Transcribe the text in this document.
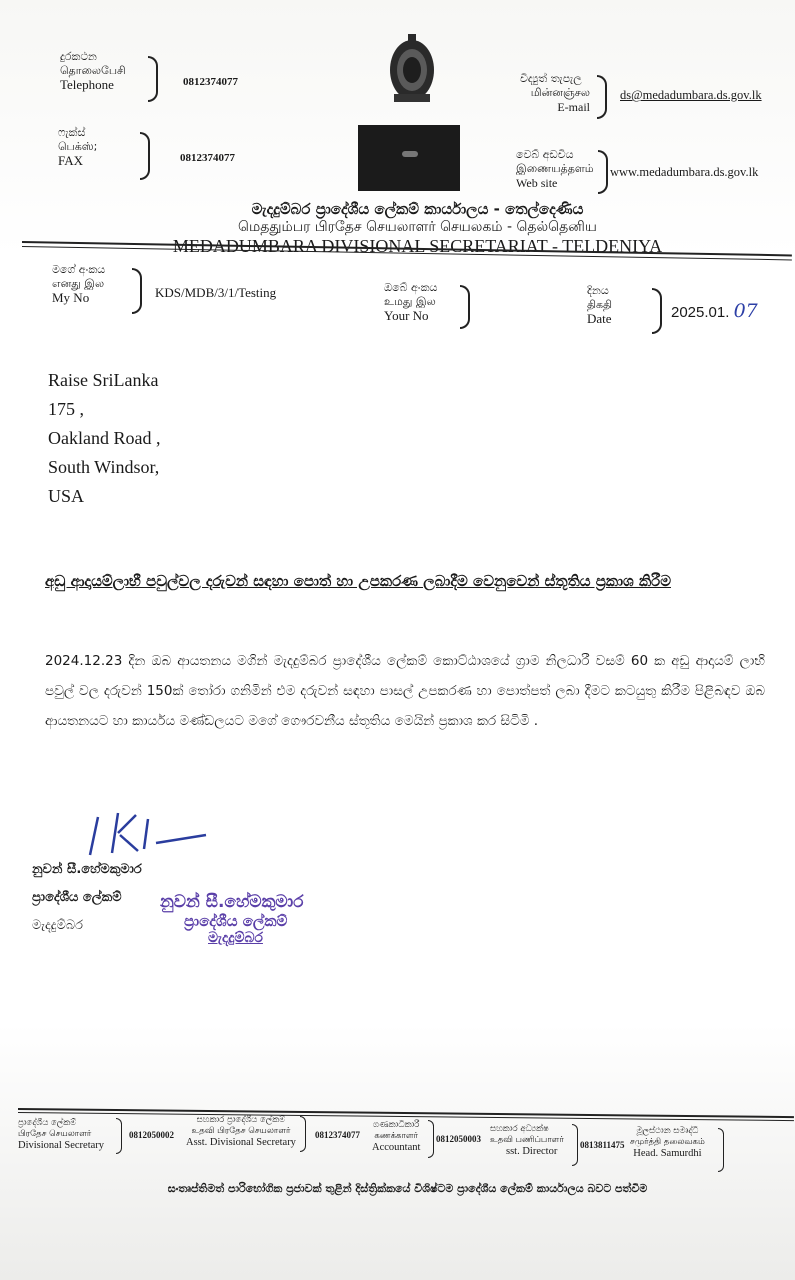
දුරකථන
தொலைபேசி
Telephone	0812374077
ෆැක්ස්
பெக்ஸ்;
FAX	0812374077
විද්‍යුත් තැපැල
மின்னஞ்சல
E-mail
ds@medadumbara.ds.gov.lk
වෙබ් අඩවිය
இணையத்தளம்
Web site
www.medadumbara.ds.gov.lk
මැදදුම්බර ප්‍රාදේශීය ලේකම් කාර්යාලය - තෙල්දෙණිය
மெததும்பர பிரதேச செயலாளர் செயலகம் - தெல்தெனிய
MEDADUMBARA DIVISIONAL SECRETARIAT - TELDENIYA
මගේ අංකය
எனது இல
My No	KDS/MDB/3/1/Testing	ඔබේ අංකය
உமது இல
Your No
දිනය
திகதி
Date	2025.01. 07
Raise SriLanka
175 ,
Oakland Road ,
South Windsor,
USA
අඩු ආදායම්ලාභී පවුල්වල දරුවන් සඳහා පොත් හා උපකරණ ලබාදීම වෙනුවෙන් ස්තූතිය ප්‍රකාශ කිරීම
2024.12.23 දින ඔබ ආයතනය මගින් මැදදුම්බර ප්‍රාදේශීය ලේකම් කොට්ඨාශයේ ග්‍රාම නිලධාරී වසම් 60 ක අඩු ආදායම් ලාභි පවුල් වල දරුවන් 150ක් තෝරා ගනිමින් එම දරුවන් සඳහා පාසල් උපකරණ හා පොත්පත් ලබා දීමට කටයුතු කිරීම පිළිබඳව ඔබ ආයතනයට හා කාර්යය මණ්ඩලයට මගේ ගෞරවනීය ස්තූතිය මෙයින් ප්‍රකාශ කර සිටිමි .
නුවන් සී.හේමකුමාර
ප්‍රාදේශීය ලේකම්
මැදදුම්බර
නුවන් සී.හේමකුමාර
ප්‍රාදේශීය ලේකම්
මැදදුම්බර
ප්‍රාදේශීය ලේකම්
பிரதேச செயலாளர்
Divisional Secretary
0812050002
සහකාර ප්‍රාදේශීය ලේකම්
உதவி பிரதேச செயலாளர்
Asst. Divisional Secretary
0812374077
ගණකාධිකාරී
கணக்காளர்
Accountant
0812050003
සහකාර අධ්‍යක්ෂ
உதவி பணிப்பாளர்
sst. Director
0813811475
මූලස්ථාන සමෘද්ධි
சமுர்த்தி தலைவகம்
Head. Samurdhi
සංතෘප්තිමත් පාරිභෝගික ප්‍රජාවක් තුළින් දිස්ත්‍රික්කයේ විශිෂ්ටම ප්‍රාදේශීය ලේකම් කාර්යාලය බවට පත්වීම
